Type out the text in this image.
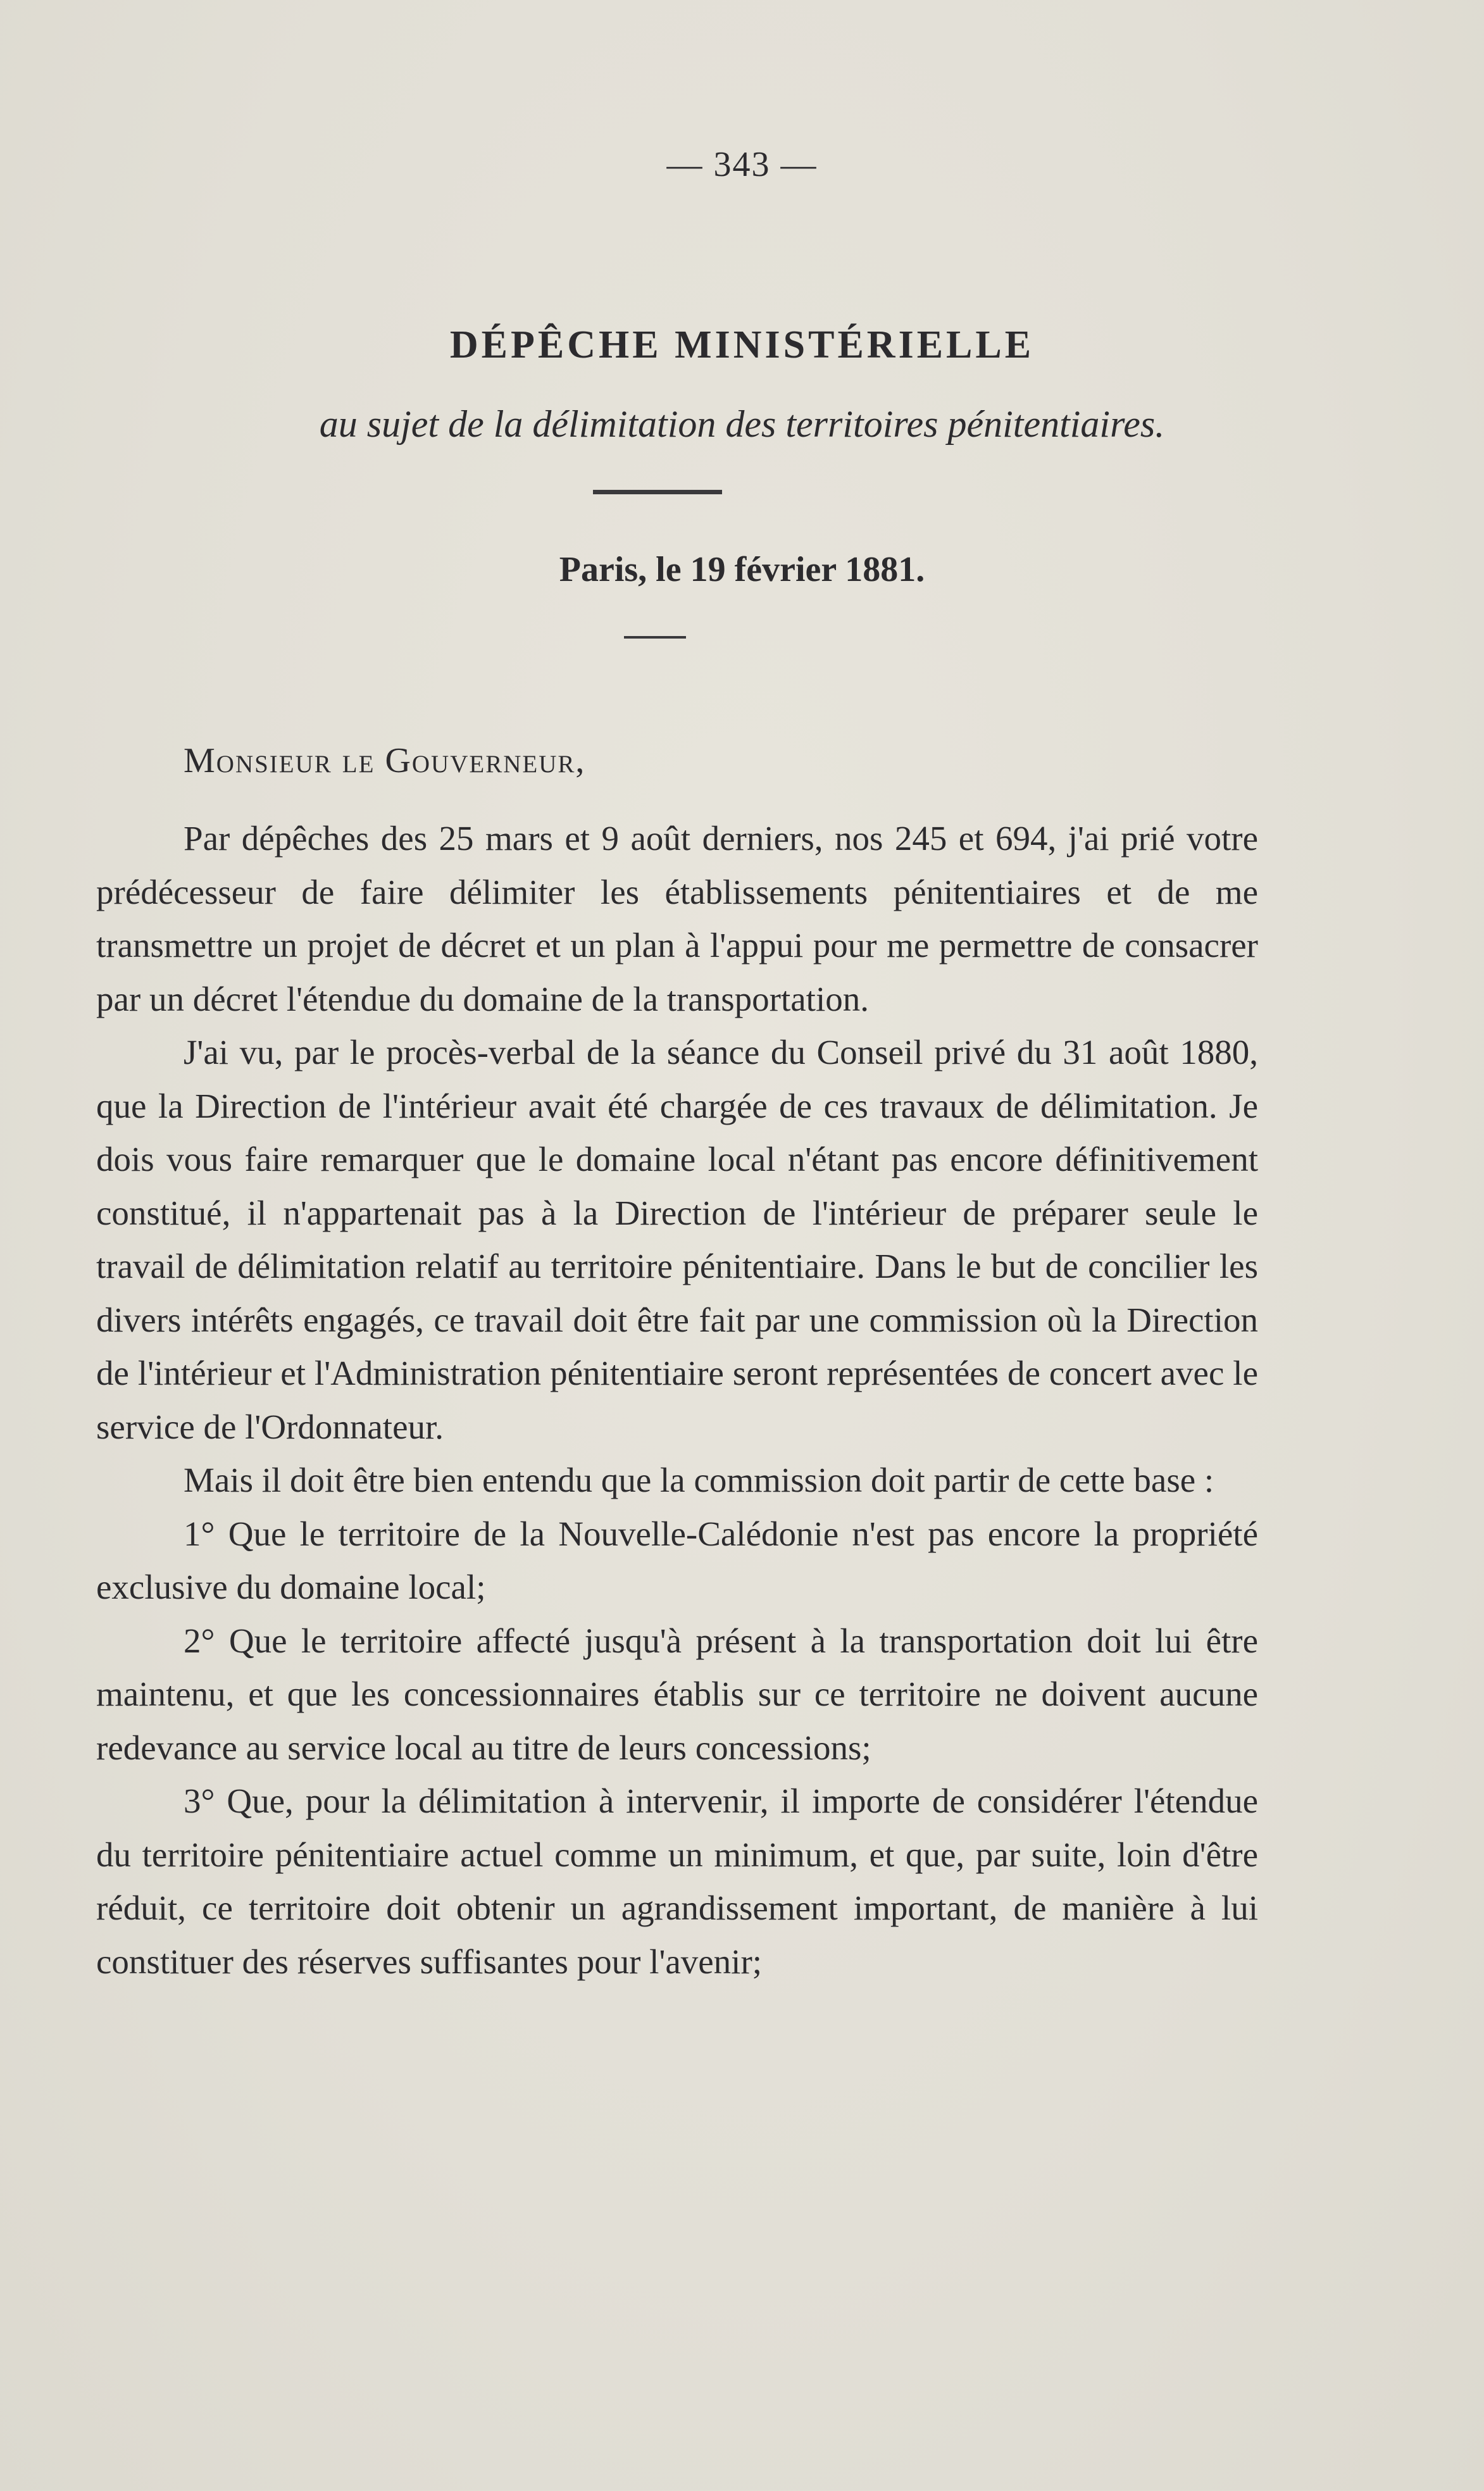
— 343 —
DÉPÊCHE MINISTÉRIELLE
au sujet de la délimitation des territoires pénitentiaires.
Paris, le 19 février 1881.
Monsieur le Gouverneur,

Par dépêches des 25 mars et 9 août derniers, nos 245 et 694, j'ai prié votre prédécesseur de faire délimiter les établissements pénitentiaires et de me transmettre un projet de décret et un plan à l'appui pour me permettre de consacrer par un décret l'étendue du domaine de la transportation.

J'ai vu, par le procès-verbal de la séance du Conseil privé du 31 août 1880, que la Direction de l'intérieur avait été chargée de ces travaux de délimitation. Je dois vous faire remarquer que le domaine local n'étant pas encore définitivement constitué, il n'appartenait pas à la Direction de l'intérieur de préparer seule le travail de délimitation relatif au territoire pénitentiaire. Dans le but de concilier les divers intérêts engagés, ce travail doit être fait par une commission où la Direction de l'intérieur et l'Administration pénitentiaire seront représentées de concert avec le service de l'Ordonnateur.

Mais il doit être bien entendu que la commission doit partir de cette base :

1° Que le territoire de la Nouvelle-Calédonie n'est pas encore la propriété exclusive du domaine local;

2° Que le territoire affecté jusqu'à présent à la transportation doit lui être maintenu, et que les concessionnaires établis sur ce territoire ne doivent aucune redevance au service local au titre de leurs concessions;

3° Que, pour la délimitation à intervenir, il importe de considérer l'étendue du territoire pénitentiaire actuel comme un minimum, et que, par suite, loin d'être réduit, ce territoire doit obtenir un agrandissement important, de manière à lui constituer des réserves suffisantes pour l'avenir;
